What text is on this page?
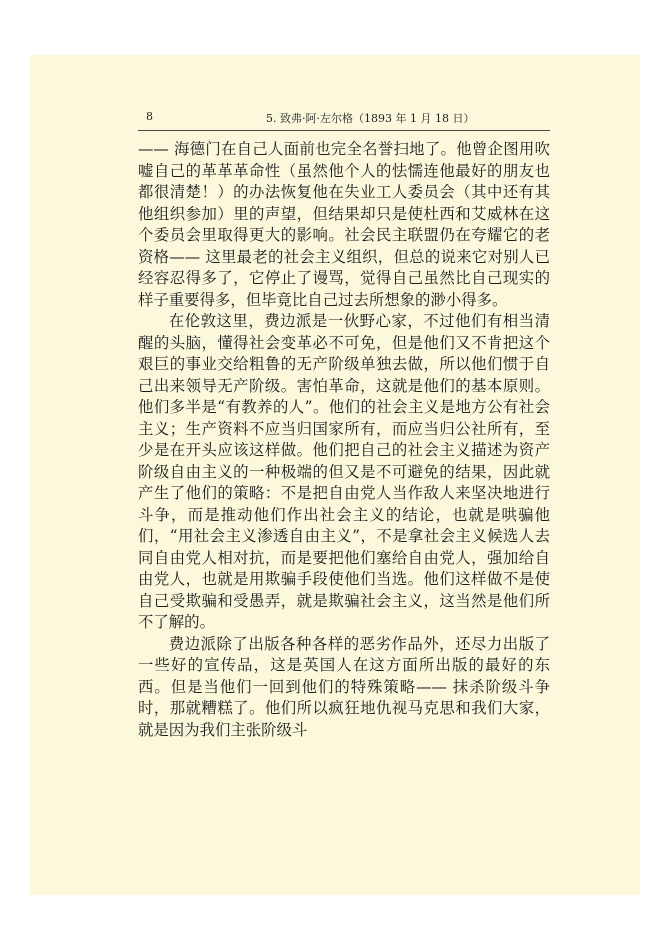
8	5. 致弗·阿·左尔格（1893 年 1 月 18 日）

—— 海德门在自己人面前也完全名誉扫地了。他曾企图用吹嘘自己的革革革命性（虽然他个人的怯懦连他最好的朋友也都很清楚！）的办法恢复他在失业工人委员会（其中还有其他组织参加）里的声望，但结果却只是使杜西和艾威林在这个委员会里取得更大的影响。社会民主联盟仍在夸耀它的老资格—— 这里最老的社会主义组织，但总的说来它对别人已经容忍得多了，它停止了谩骂，觉得自己虽然比自己现实的样子重要得多，但毕竟比自己过去所想象的渺小得多。

在伦敦这里，费边派是一伙野心家，不过他们有相当清醒的头脑，懂得社会变革必不可免，但是他们又不肯把这个艰巨的事业交给粗鲁的无产阶级单独去做，所以他们惯于自己出来领导无产阶级。害怕革命，这就是他们的基本原则。他们多半是“有教养的人”。他们的社会主义是地方公有社会主义；生产资料不应当归国家所有，而应当归公社所有，至少是在开头应该这样做。他们把自己的社会主义描述为资产阶级自由主义的一种极端的但又是不可避免的结果，因此就产生了他们的策略：不是把自由党人当作敌人来坚决地进行斗争，而是推动他们作出社会主义的结论，也就是哄骗他们，“用社会主义渗透自由主义”，不是拿社会主义候选人去同自由党人相对抗，而是要把他们塞给自由党人，强加给自由党人，也就是用欺骗手段使他们当选。他们这样做不是使自己受欺骗和受愚弄，就是欺骗社会主义，这当然是他们所不了解的。

费边派除了出版各种各样的恶劣作品外，还尽力出版了一些好的宣传品，这是英国人在这方面所出版的最好的东西。但是当他们一回到他们的特殊策略—— 抹杀阶级斗争时，那就糟糕了。他们所以疯狂地仇视马克思和我们大家，就是因为我们主张阶级斗
